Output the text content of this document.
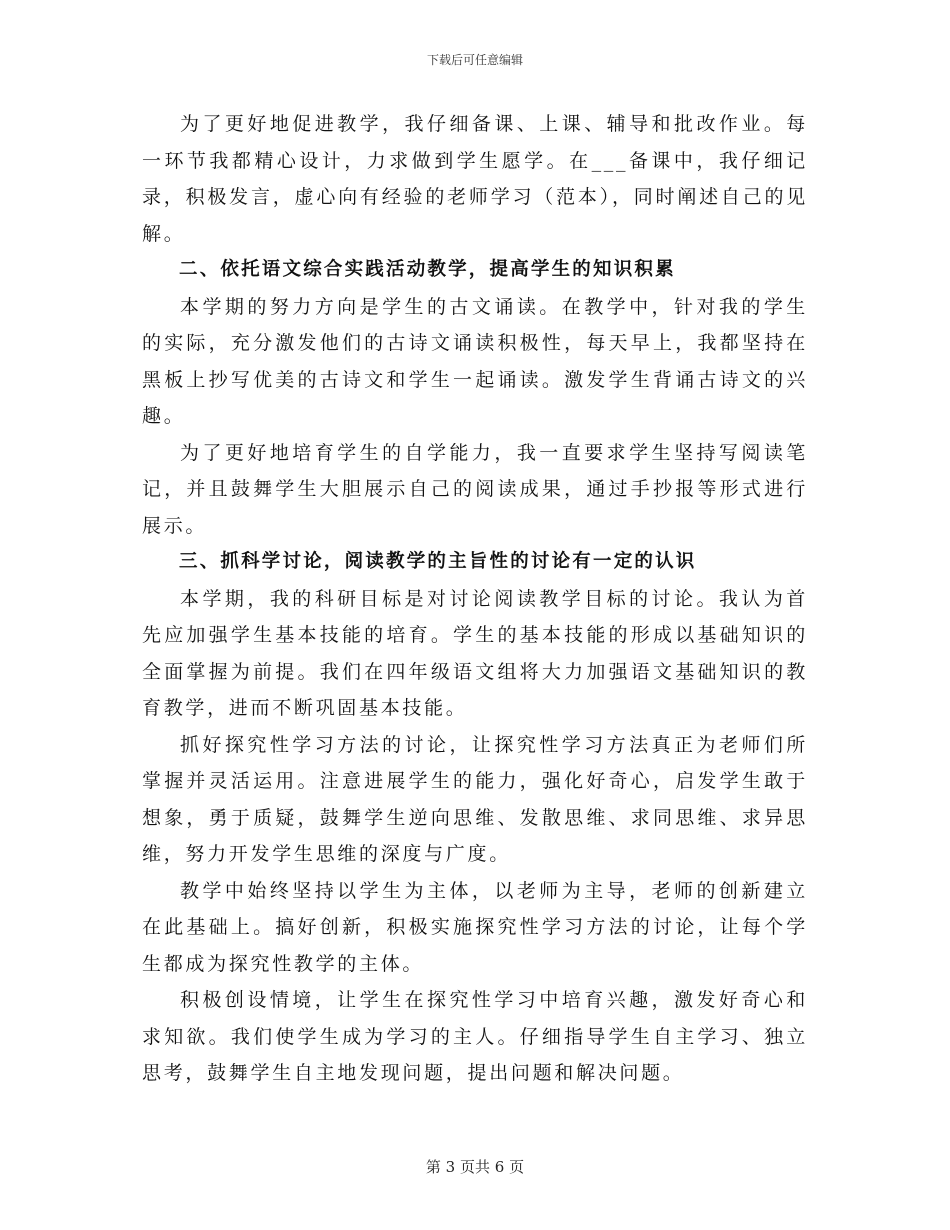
下载后可任意编辑

为了更好地促进教学，我仔细备课、上课、辅导和批改作业。每一环节我都精心设计，力求做到学生愿学。在___备课中，我仔细记录，积极发言，虚心向有经验的老师学习（范本），同时阐述自己的见解。

二、依托语文综合实践活动教学，提高学生的知识积累

本学期的努力方向是学生的古文诵读。在教学中，针对我的学生的实际，充分激发他们的古诗文诵读积极性，每天早上，我都坚持在黑板上抄写优美的古诗文和学生一起诵读。激发学生背诵古诗文的兴趣。

为了更好地培育学生的自学能力，我一直要求学生坚持写阅读笔记，并且鼓舞学生大胆展示自己的阅读成果，通过手抄报等形式进行展示。

三、抓科学讨论，阅读教学的主旨性的讨论有一定的认识

本学期，我的科研目标是对讨论阅读教学目标的讨论。我认为首先应加强学生基本技能的培育。学生的基本技能的形成以基础知识的全面掌握为前提。我们在四年级语文组将大力加强语文基础知识的教育教学，进而不断巩固基本技能。

抓好探究性学习方法的讨论，让探究性学习方法真正为老师们所掌握并灵活运用。注意进展学生的能力，强化好奇心，启发学生敢于想象，勇于质疑，鼓舞学生逆向思维、发散思维、求同思维、求异思维，努力开发学生思维的深度与广度。

教学中始终坚持以学生为主体，以老师为主导，老师的创新建立在此基础上。搞好创新，积极实施探究性学习方法的讨论，让每个学生都成为探究性教学的主体。

积极创设情境，让学生在探究性学习中培育兴趣，激发好奇心和求知欲。我们使学生成为学习的主人。仔细指导学生自主学习、独立思考，鼓舞学生自主地发现问题，提出问题和解决问题。

第 3 页共 6 页
